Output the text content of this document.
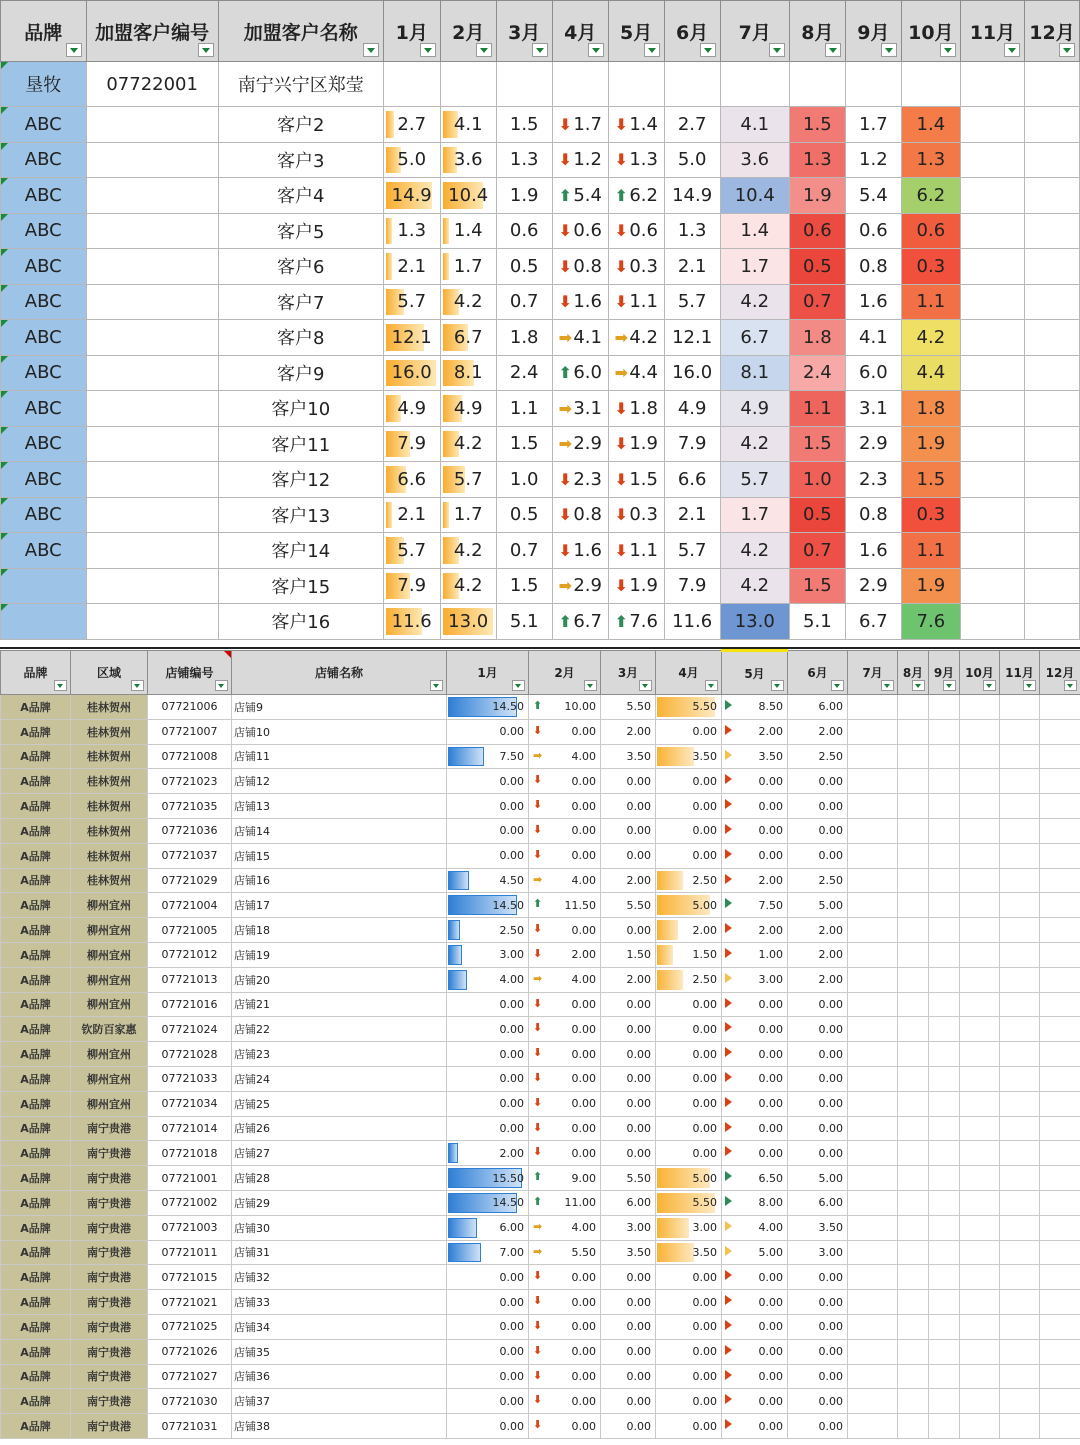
品牌	加盟客户编号	加盟客户名称	1月	2月	3月	4月	5月	6月	7月	8月	9月	10月	11月	12月

垦牧	07722001	南宁兴宁区郑莹												

ABC		客户2	2.7	4.1	1.5	⬇1.7	⬇1.4	2.7	4.1	1.5	1.7	1.4		

ABC		客户3	5.0	3.6	1.3	⬇1.2	⬇1.3	5.0	3.6	1.3	1.2	1.3		

ABC		客户4	14.9	10.4	1.9	⬆5.4	⬆6.2	14.9	10.4	1.9	5.4	6.2		

ABC		客户5	1.3	1.4	0.6	⬇0.6	⬇0.6	1.3	1.4	0.6	0.6	0.6		

ABC		客户6	2.1	1.7	0.5	⬇0.8	⬇0.3	2.1	1.7	0.5	0.8	0.3		

ABC		客户7	5.7	4.2	0.7	⬇1.6	⬇1.1	5.7	4.2	0.7	1.6	1.1		

ABC		客户8	12.1	6.7	1.8	➡4.1	➡4.2	12.1	6.7	1.8	4.1	4.2		

ABC		客户9	16.0	8.1	2.4	⬆6.0	➡4.4	16.0	8.1	2.4	6.0	4.4		

ABC		客户10	4.9	4.9	1.1	➡3.1	⬇1.8	4.9	4.9	1.1	3.1	1.8		

ABC		客户11	7.9	4.2	1.5	➡2.9	⬇1.9	7.9	4.2	1.5	2.9	1.9		

ABC		客户12	6.6	5.7	1.0	⬇2.3	⬇1.5	6.6	5.7	1.0	2.3	1.5		

ABC		客户13	2.1	1.7	0.5	⬇0.8	⬇0.3	2.1	1.7	0.5	0.8	0.3		

ABC		客户14	5.7	4.2	0.7	⬇1.6	⬇1.1	5.7	4.2	0.7	1.6	1.1		

		客户15	7.9	4.2	1.5	➡2.9	⬇1.9	7.9	4.2	1.5	2.9	1.9		

		客户16	11.6	13.0	5.1	⬆6.7	⬆7.6	11.6	13.0	5.1	6.7	7.6		
品牌	区域	店铺编号	店铺名称	1月	2月	3月	4月	5月	6月	7月	8月	9月	10月	11月	12月

A品牌	桂林贺州	07721006	店铺9	14.50	⬆ 10.00	5.50	5.50	8.50	6.00						
A品牌	桂林贺州	07721007	店铺10	0.00	⬇ 0.00	2.00	0.00	2.00	2.00						
A品牌	桂林贺州	07721008	店铺11	7.50	➡ 4.00	3.50	3.50	3.50	2.50						
A品牌	桂林贺州	07721023	店铺12	0.00	⬇ 0.00	0.00	0.00	0.00	0.00						
A品牌	桂林贺州	07721035	店铺13	0.00	⬇ 0.00	0.00	0.00	0.00	0.00						
A品牌	桂林贺州	07721036	店铺14	0.00	⬇ 0.00	0.00	0.00	0.00	0.00						
A品牌	桂林贺州	07721037	店铺15	0.00	⬇ 0.00	0.00	0.00	0.00	0.00						
A品牌	桂林贺州	07721029	店铺16	4.50	➡ 4.00	2.00	2.50	2.00	2.50						
A品牌	柳州宜州	07721004	店铺17	14.50	⬆ 11.50	5.50	5.00	7.50	5.00						
A品牌	柳州宜州	07721005	店铺18	2.50	⬇ 0.00	0.00	2.00	2.00	2.00						
A品牌	柳州宜州	07721012	店铺19	3.00	⬇ 2.00	1.50	1.50	1.00	2.00						
A品牌	柳州宜州	07721013	店铺20	4.00	➡ 4.00	2.00	2.50	3.00	2.00						
A品牌	柳州宜州	07721016	店铺21	0.00	⬇ 0.00	0.00	0.00	0.00	0.00						
A品牌	钦防百家惠	07721024	店铺22	0.00	⬇ 0.00	0.00	0.00	0.00	0.00						
A品牌	柳州宜州	07721028	店铺23	0.00	⬇ 0.00	0.00	0.00	0.00	0.00						
A品牌	柳州宜州	07721033	店铺24	0.00	⬇ 0.00	0.00	0.00	0.00	0.00						
A品牌	柳州宜州	07721034	店铺25	0.00	⬇ 0.00	0.00	0.00	0.00	0.00						
A品牌	南宁贵港	07721014	店铺26	0.00	⬇ 0.00	0.00	0.00	0.00	0.00						
A品牌	南宁贵港	07721018	店铺27	2.00	⬇ 0.00	0.00	0.00	0.00	0.00						
A品牌	南宁贵港	07721001	店铺28	15.50	⬆ 9.00	5.50	5.00	6.50	5.00						
A品牌	南宁贵港	07721002	店铺29	14.50	⬆ 11.00	6.00	5.50	8.00	6.00						
A品牌	南宁贵港	07721003	店铺30	6.00	➡ 4.00	3.00	3.00	4.00	3.50						
A品牌	南宁贵港	07721011	店铺31	7.00	➡ 5.50	3.50	3.50	5.00	3.00						
A品牌	南宁贵港	07721015	店铺32	0.00	⬇ 0.00	0.00	0.00	0.00	0.00						
A品牌	南宁贵港	07721021	店铺33	0.00	⬇ 0.00	0.00	0.00	0.00	0.00						
A品牌	南宁贵港	07721025	店铺34	0.00	⬇ 0.00	0.00	0.00	0.00	0.00						
A品牌	南宁贵港	07721026	店铺35	0.00	⬇ 0.00	0.00	0.00	0.00	0.00						
A品牌	南宁贵港	07721027	店铺36	0.00	⬇ 0.00	0.00	0.00	0.00	0.00						
A品牌	南宁贵港	07721030	店铺37	0.00	⬇ 0.00	0.00	0.00	0.00	0.00						
A品牌	南宁贵港	07721031	店铺38	0.00	⬇ 0.00	0.00	0.00	0.00	0.00						
